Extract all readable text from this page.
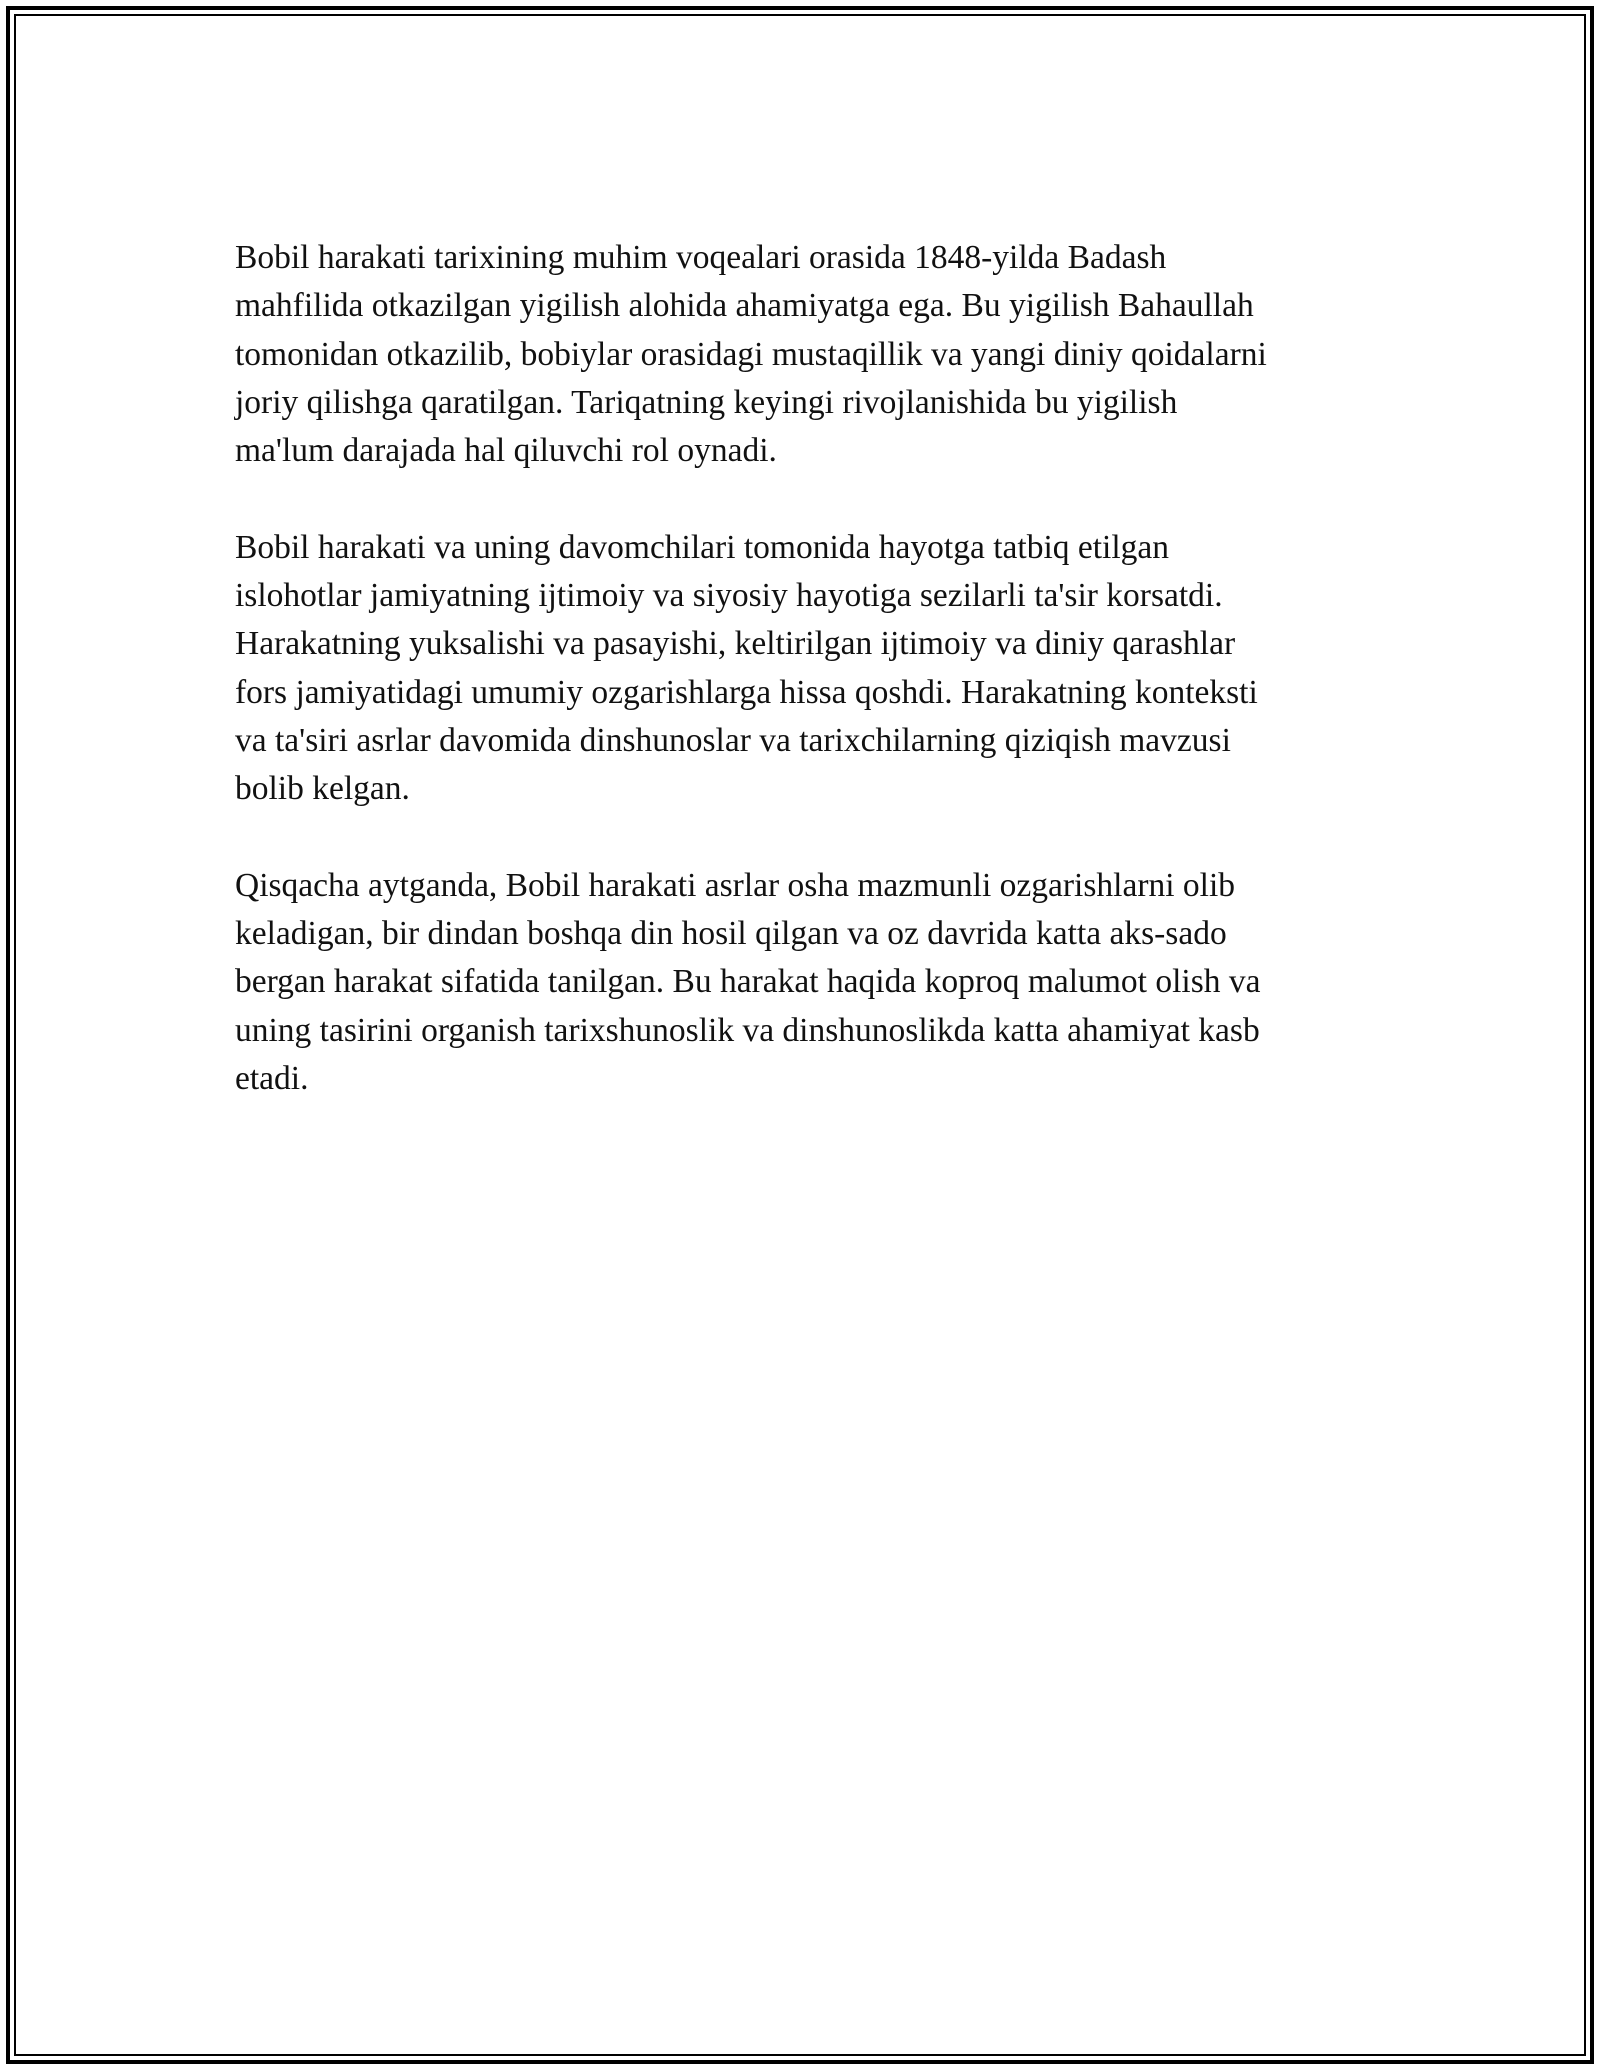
Bobil harakati tarixining muhim voqealari orasida 1848-yilda Badash
mahfilida otkazilgan yigilish alohida ahamiyatga ega. Bu yigilish Bahaullah
tomonidan otkazilib, bobiylar orasidagi mustaqillik va yangi diniy qoidalarni
joriy qilishga qaratilgan. Tariqatning keyingi rivojlanishida bu yigilish
ma'lum darajada hal qiluvchi rol oynadi.

Bobil harakati va uning davomchilari tomonida hayotga tatbiq etilgan
islohotlar jamiyatning ijtimoiy va siyosiy hayotiga sezilarli ta'sir korsatdi.
Harakatning yuksalishi va pasayishi, keltirilgan ijtimoiy va diniy qarashlar
fors jamiyatidagi umumiy ozgarishlarga hissa qoshdi. Harakatning konteksti
va ta'siri asrlar davomida dinshunoslar va tarixchilarning qiziqish mavzusi
bolib kelgan.

Qisqacha aytganda, Bobil harakati asrlar osha mazmunli ozgarishlarni olib
keladigan, bir dindan boshqa din hosil qilgan va oz davrida katta aks-sado
bergan harakat sifatida tanilgan. Bu harakat haqida koproq malumot olish va
uning tasirini organish tarixshunoslik va dinshunoslikda katta ahamiyat kasb
etadi.
